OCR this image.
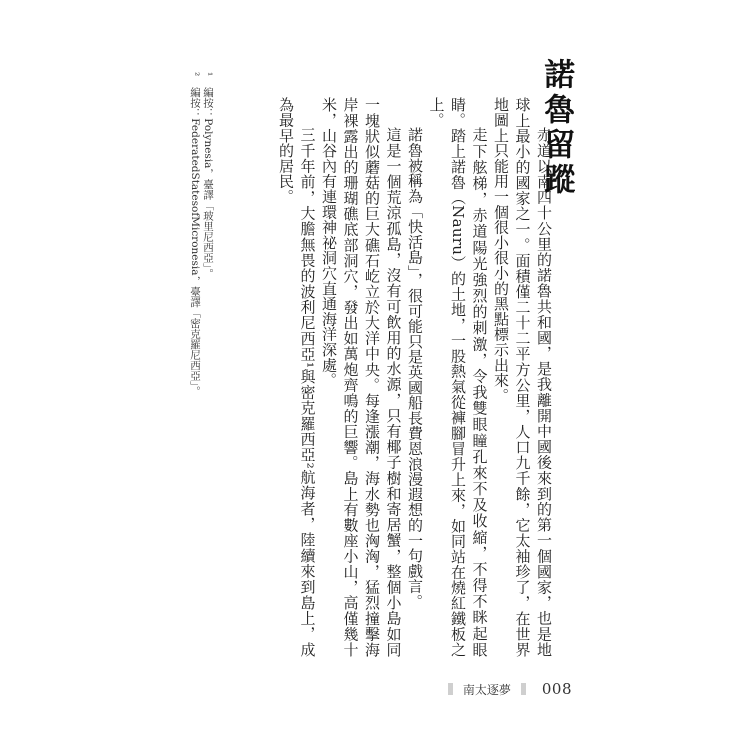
諾魯留蹤

赤道以南四十公里的諾魯共和國，是我離開中國後來到的第一個國家，也是地球上最小的國家之一。面積僅二十二平方公里，人口九千餘，它太袖珍了，在世界地圖上只能用一個很小很小的黑點標示出來。

走下舷梯，赤道陽光強烈的刺激，令我雙眼瞳孔來不及收縮，不得不眯起眼睛。踏上諾魯（Nauru）的土地，一股熱氣從褲腳冒升上來，如同站在燒紅鐵板之上。

諾魯被稱為「快活島」，很可能只是英國船長費恩浪漫遐想的一句戲言。

這是一個荒涼孤島，沒有可飲用的水源，只有椰子樹和寄居蟹，整個小島如同一塊狀似蘑菇的巨大礁石屹立於大洋中央。每逢漲潮，海水勢也洶洶，猛烈撞擊海岸裸露出的珊瑚礁底部洞穴，發出如萬炮齊鳴的巨響。島上有數座小山，高僅幾十米，山谷內有連環神祕洞穴直通海洋深處。

三千年前，大膽無畏的波利尼西亞¹與密克羅西亞²航海者，陸續來到島上，成為最早的居民。

¹　編按：Polynesia，臺譯「玻里尼西亞」。

²　編按：FederatedStatesofMicronesia，臺譯「密克羅尼西亞」。

南太逐夢 008
